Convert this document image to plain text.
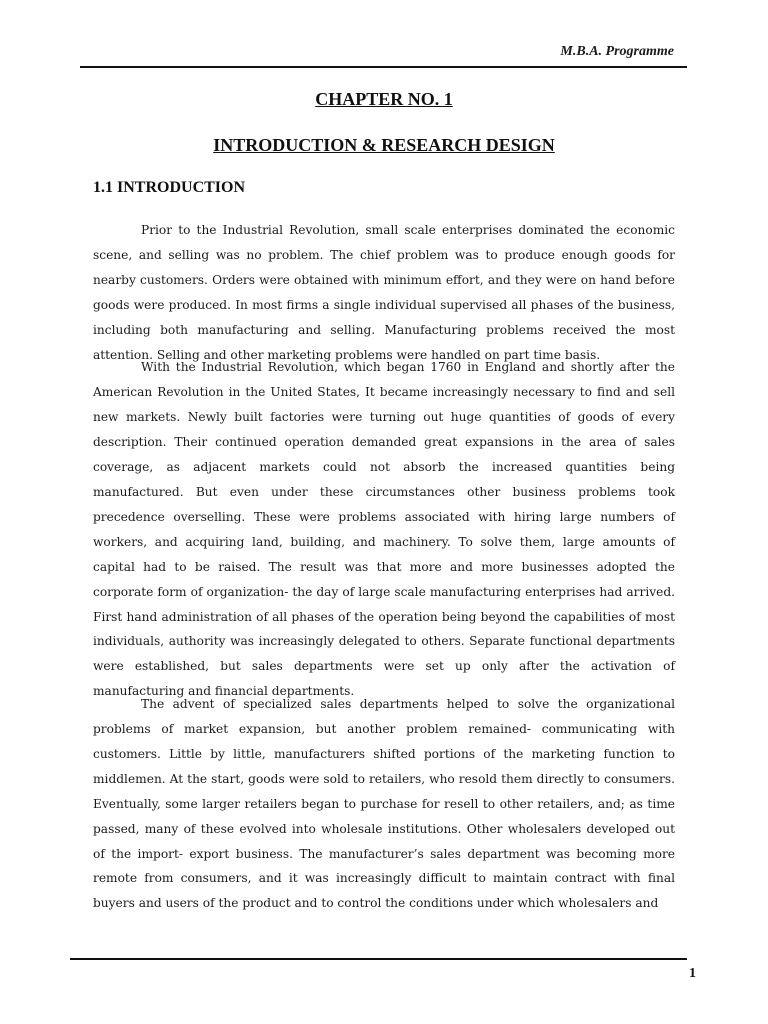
M.B.A. Programme
CHAPTER NO. 1
INTRODUCTION & RESEARCH DESIGN
1.1 INTRODUCTION

Prior to the Industrial Revolution, small scale enterprises dominated the economic scene, and selling was no problem. The chief problem was to produce enough goods for nearby customers. Orders were obtained with minimum effort, and they were on hand before goods were produced. In most firms a single individual supervised all phases of the business, including both manufacturing and selling. Manufacturing problems received the most attention. Selling and other marketing problems were handled on part time basis.

With the Industrial Revolution, which began 1760 in England and shortly after the American Revolution in the United States, It became increasingly necessary to find and sell new markets. Newly built factories were turning out huge quantities of goods of every description. Their continued operation demanded great expansions in the area of sales coverage, as adjacent markets could not absorb the increased quantities being manufactured. But even under these circumstances other business problems took precedence overselling. These were problems associated with hiring large numbers of workers, and acquiring land, building, and machinery. To solve them, large amounts of capital had to be raised. The result was that more and more businesses adopted the corporate form of organization- the day of large scale manufacturing enterprises had arrived. First hand administration of all phases of the operation being beyond the capabilities of most individuals, authority was increasingly delegated to others. Separate functional departments were established, but sales departments were set up only after the activation of manufacturing and financial departments.

The advent of specialized sales departments helped to solve the organizational problems of market expansion, but another problem remained- communicating with customers. Little by little, manufacturers shifted portions of the marketing function to middlemen. At the start, goods were sold to retailers, who resold them directly to consumers. Eventually, some larger retailers began to purchase for resell to other retailers, and; as time passed, many of these evolved into wholesale institutions. Other wholesalers developed out of the import- export business. The manufacturer’s sales department was becoming more remote from consumers, and it was increasingly difficult to maintain contract with final buyers and users of the product and to control the conditions under which wholesalers and

1
